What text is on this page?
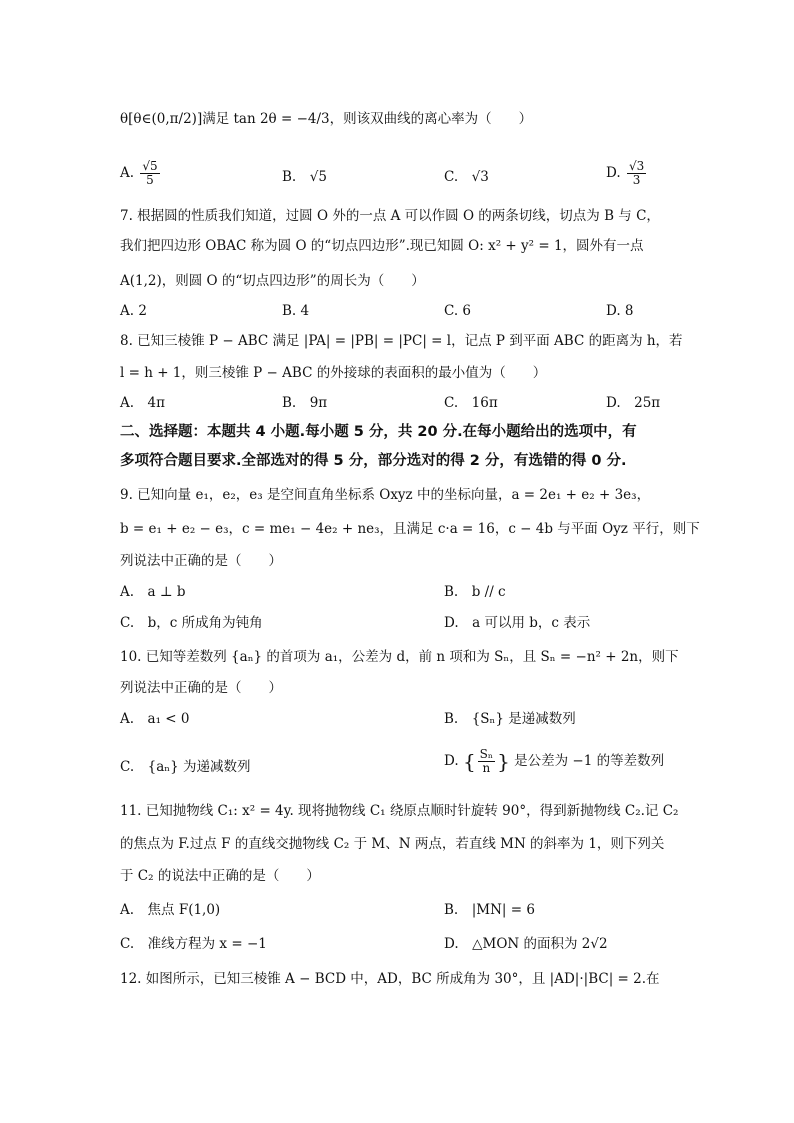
θ[θ∈(0,π/2)]满足 tan 2θ = −4/3，则该双曲线的离心率为（　　）
A. $\frac{√5}{5}$	B.　√5	C.　√3	D. $\frac{√3}{3}$
7. 根据圆的性质我们知道，过圆 O 外的一点 A 可以作圆 O 的两条切线，切点为 B 与 C，
我们把四边形 OBAC 称为圆 O 的“切点四边形”.现已知圆 O: x² + y² = 1，圆外有一点
A(1,2)，则圆 O 的“切点四边形”的周长为（　　）
A. 2	B. 4	C. 6	D. 8
8. 已知三棱锥 P − ABC 满足 |PA| = |PB| = |PC| = l，记点 P 到平面 ABC 的距离为 h，若
l = h + 1，则三棱锥 P − ABC 的外接球的表面积的最小值为（　　）
A.　4π	B.　9π	C.　16π	D.　25π
二、选择题：本题共 4 小题.每小题 5 分，共 20 分.在每小题给出的选项中，有
多项符合题目要求.全部选对的得 5 分，部分选对的得 2 分，有选错的得 0 分.
9. 已知向量 e₁，e₂，e₃ 是空间直角坐标系 Oxyz 中的坐标向量，a = 2e₁ + e₂ + 3e₃，
b = e₁ + e₂ − e₃，c = me₁ − 4e₂ + ne₃，且满足 c·a = 16，c − 4b 与平面 Oyz 平行，则下
列说法中正确的是（　　）
A.　a ⊥ b	B.　b // c
C.　b，c 所成角为钝角	D.　a 可以用 b，c 表示
10. 已知等差数列 {aₙ} 的首项为 a₁，公差为 d，前 n 项和为 Sₙ，且 Sₙ = −n² + 2n，则下
列说法中正确的是（　　）
A.　a₁ < 0	B.　{Sₙ} 是递减数列
C.　{aₙ} 为递减数列	D. { $\frac{\text{Sₙ}}{n}$ } 是公差为 −1 的等差数列
11. 已知抛物线 C₁: x² = 4y. 现将抛物线 C₁ 绕原点顺时针旋转 90°，得到新抛物线 C₂.记 C₂
的焦点为 F.过点 F 的直线交抛物线 C₂ 于 M、N 两点，若直线 MN 的斜率为 1，则下列关
于 C₂ 的说法中正确的是（　　）
A.　焦点 F(1,0)	B.　|MN| = 6
C.　准线方程为 x = −1	D.　△MON 的面积为 2√2
12. 如图所示，已知三棱锥 A − BCD 中，AD，BC 所成角为 30°，且 |AD|·|BC| = 2.在
